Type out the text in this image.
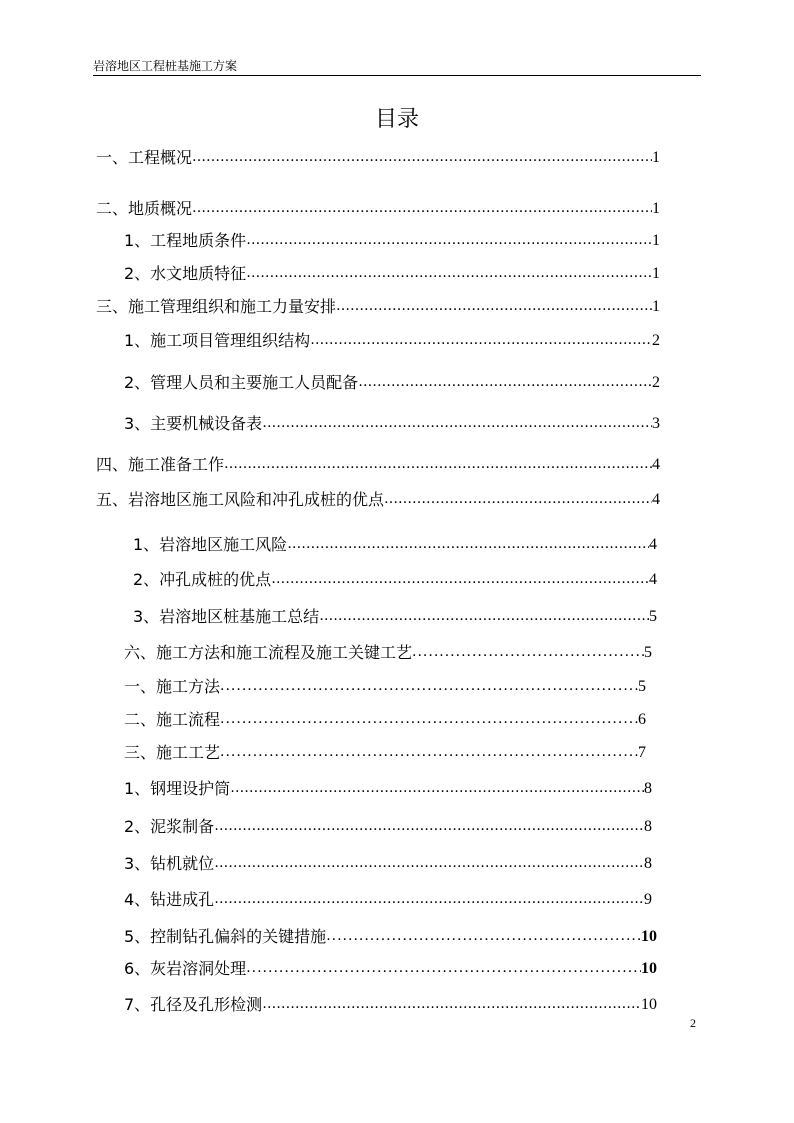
岩溶地区工程桩基施工方案
目录
一、工程概况 …………………………………………………………………………………………………………………………………………	1
二、地质概况 …………………………………………………………………………………………………………………………………………	1
1、工程地质条件 …………………………………………………………………………………………………………………………………………	1
2、水文地质特征 …………………………………………………………………………………………………………………………………………	1
三、施工管理组织和施工力量安排 …………………………………………………………………………………………………………………………………………	1
1、施工项目管理组织结构 …………………………………………………………………………………………………………………………………………	2
2、管理人员和主要施工人员配备 …………………………………………………………………………………………………………………………………………	2
3、主要机械设备表 …………………………………………………………………………………………………………………………………………	3
四、施工准备工作 …………………………………………………………………………………………………………………………………………	4
五、岩溶地区施工风险和冲孔成桩的优点 …………………………………………………………………………………………………………………………………………	4
1、岩溶地区施工风险 …………………………………………………………………………………………………………………………………………	4
2、冲孔成桩的优点 …………………………………………………………………………………………………………………………………………	4
3、岩溶地区桩基施工总结 …………………………………………………………………………………………………………………………………………	5
六、施工方法和施工流程及施工关键工艺 .....	5
一、施工方法 .....	5
二、施工流程 .....	6
三、施工工艺 .....	7
1、钢埋设护筒 …………………………………………………………………………………………………………………………………………	8
2、泥浆制备 …………………………………………………………………………………………………………………………………………	8
3、钻机就位 …………………………………………………………………………………………………………………………………………	8
4、钻进成孔 …………………………………………………………………………………………………………………………………………	9
5、控制钻孔偏斜的关键措施 .....	10
6、灰岩溶洞处理 .....	10
7、孔径及孔形检测 …………………………………………………………………………………………………………………………………………	10
2
